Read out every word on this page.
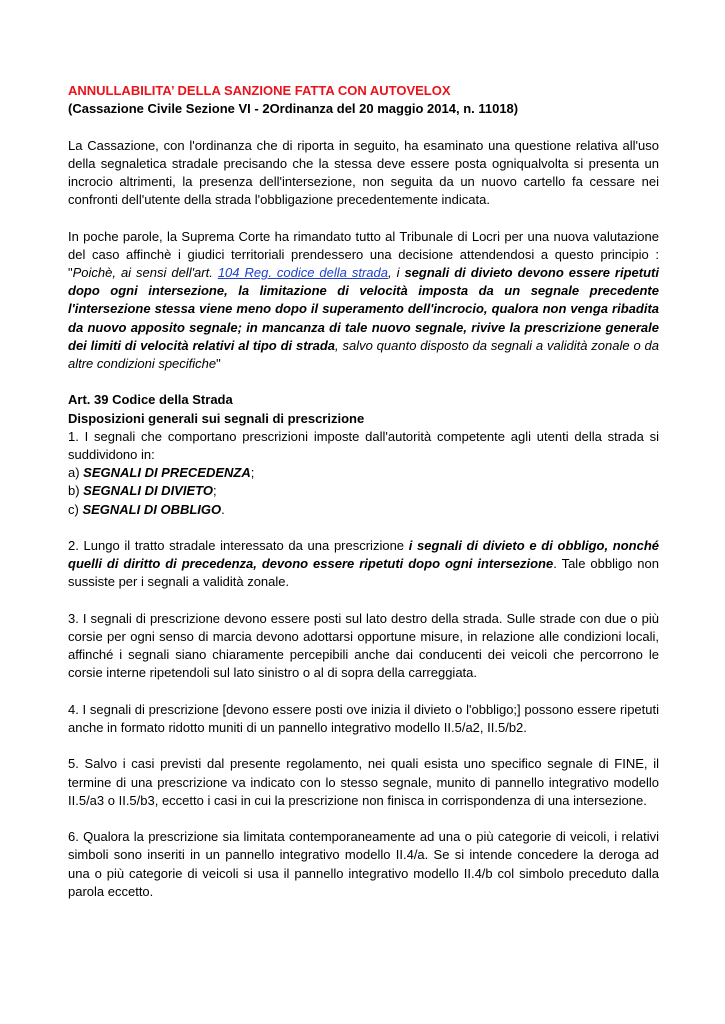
ANNULLABILITA’ DELLA SANZIONE FATTA CON AUTOVELOX

(Cassazione Civile Sezione VI - 2Ordinanza del 20 maggio 2014, n. 11018)

La Cassazione, con l'ordinanza che di riporta in seguito, ha esaminato una questione relativa all'uso della segnaletica stradale precisando che la stessa deve essere posta ogniqualvolta si presenta un incrocio altrimenti, la presenza dell'intersezione, non seguita da un nuovo cartello fa cessare nei confronti dell'utente della strada l'obbligazione precedentemente indicata.

In poche parole, la Suprema Corte ha rimandato tutto al Tribunale di Locri per una nuova valutazione del caso affinchè i giudici territoriali prendessero una decisione attendendosi a questo principio : "Poichè, ai sensi dell'art. 104 Reg. codice della strada, i segnali di divieto devono essere ripetuti dopo ogni intersezione, la limitazione di velocità imposta da un segnale precedente l'intersezione stessa viene meno dopo il superamento dell'incrocio, qualora non venga ribadita da nuovo apposito segnale; in mancanza di tale nuovo segnale, rivive la prescrizione generale dei limiti di velocità relativi al tipo di strada, salvo quanto disposto da segnali a validità zonale o da altre condizioni specifiche"

Art. 39 Codice della Strada

Disposizioni generali sui segnali di prescrizione

1. I segnali che comportano prescrizioni imposte dall'autorità competente agli utenti della strada si suddividono in:

a) SEGNALI DI PRECEDENZA;

b) SEGNALI DI DIVIETO;

c) SEGNALI DI OBBLIGO.

2. Lungo il tratto stradale interessato da una prescrizione i segnali di divieto e di obbligo, nonché quelli di diritto di precedenza, devono essere ripetuti dopo ogni intersezione. Tale obbligo non sussiste per i segnali a validità zonale.

3. I segnali di prescrizione devono essere posti sul lato destro della strada. Sulle strade con due o più corsie per ogni senso di marcia devono adottarsi opportune misure, in relazione alle condizioni locali, affinché i segnali siano chiaramente percepibili anche dai conducenti dei veicoli che percorrono le corsie interne ripetendoli sul lato sinistro o al di sopra della carreggiata.

4. I segnali di prescrizione [devono essere posti ove inizia il divieto o l'obbligo;] possono essere ripetuti anche in formato ridotto muniti di un pannello integrativo modello II.5/a2, II.5/b2.

5. Salvo i casi previsti dal presente regolamento, nei quali esista uno specifico segnale di FINE, il termine di una prescrizione va indicato con lo stesso segnale, munito di pannello integrativo modello II.5/a3 o II.5/b3, eccetto i casi in cui la prescrizione non finisca in corrispondenza di una intersezione.

6. Qualora la prescrizione sia limitata contemporaneamente ad una o più categorie di veicoli, i relativi simboli sono inseriti in un pannello integrativo modello II.4/a. Se si intende concedere la deroga ad una o più categorie di veicoli si usa il pannello integrativo modello II.4/b col simbolo preceduto dalla parola eccetto.
